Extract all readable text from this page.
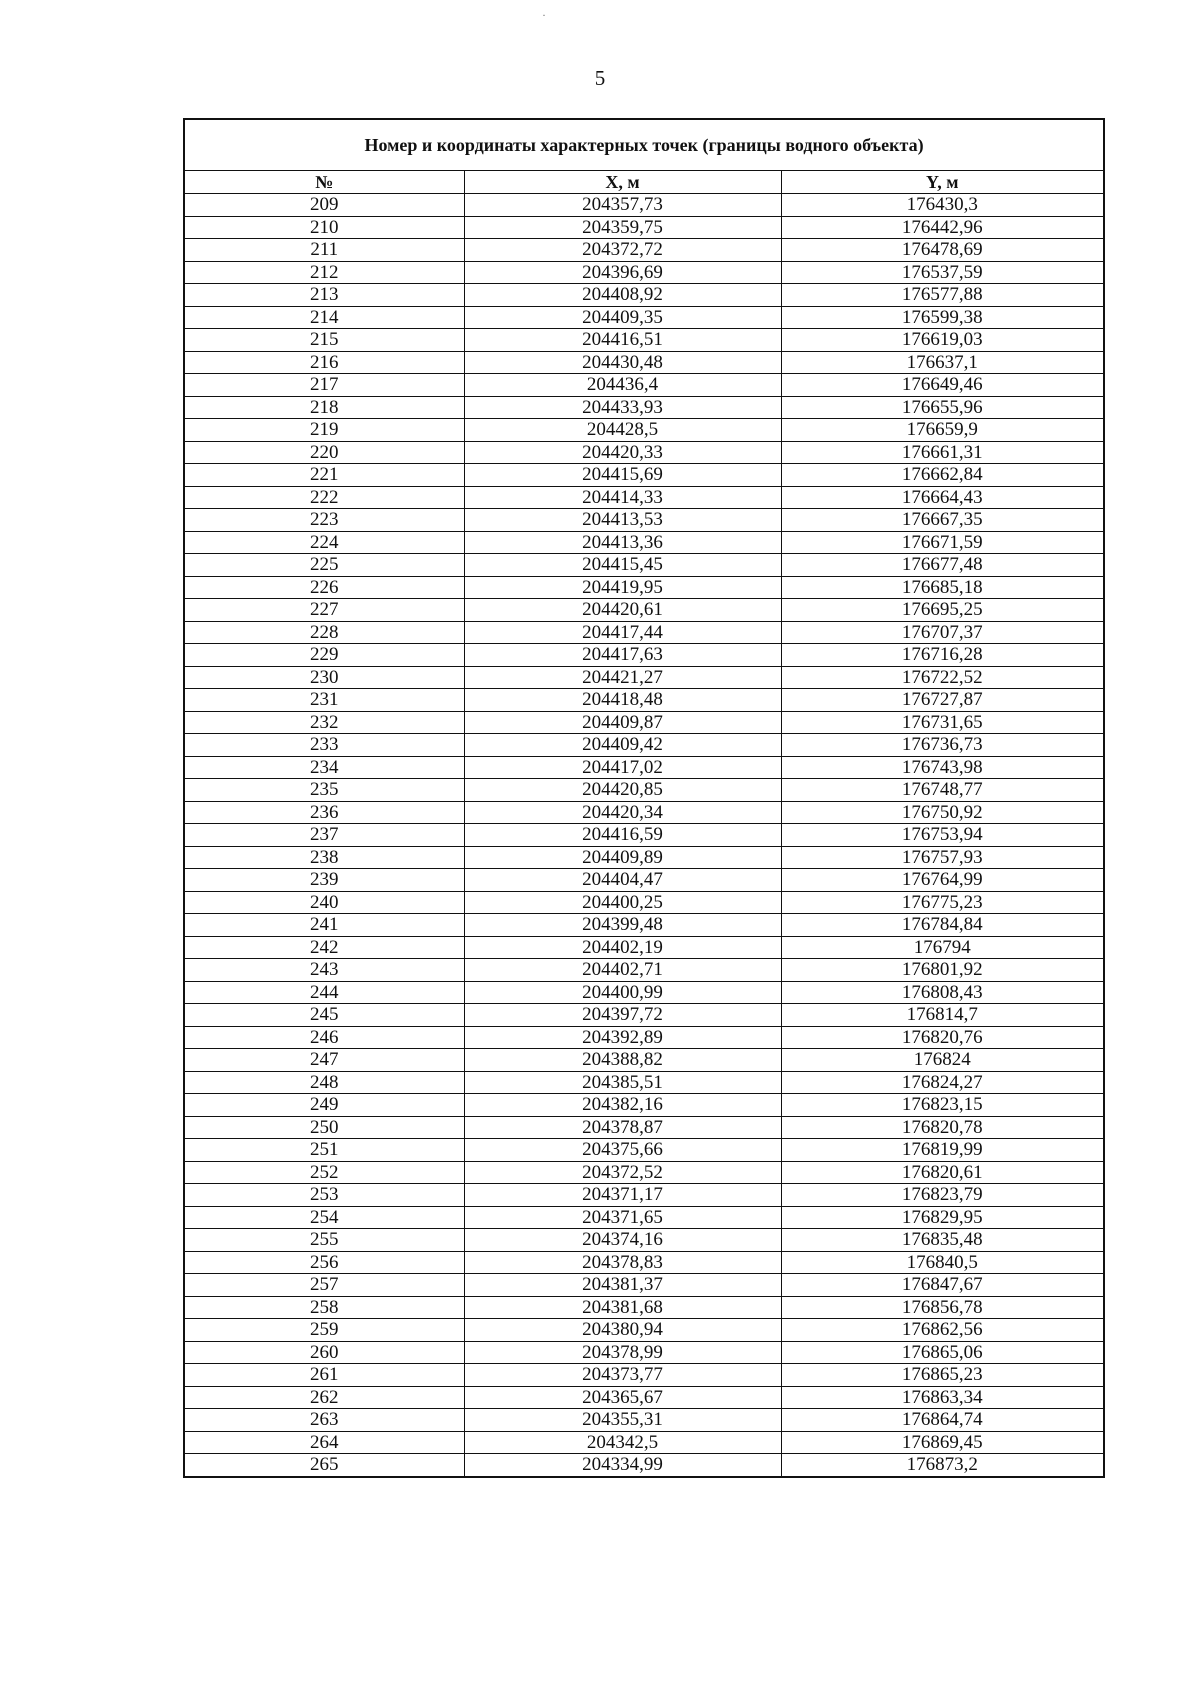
5
·
Номер и координаты характерных точек (границы водного объекта)		
№	X, м	Y, м
209	204357,73	176430,3
210	204359,75	176442,96
211	204372,72	176478,69
212	204396,69	176537,59
213	204408,92	176577,88
214	204409,35	176599,38
215	204416,51	176619,03
216	204430,48	176637,1
217	204436,4	176649,46
218	204433,93	176655,96
219	204428,5	176659,9
220	204420,33	176661,31
221	204415,69	176662,84
222	204414,33	176664,43
223	204413,53	176667,35
224	204413,36	176671,59
225	204415,45	176677,48
226	204419,95	176685,18
227	204420,61	176695,25
228	204417,44	176707,37
229	204417,63	176716,28
230	204421,27	176722,52
231	204418,48	176727,87
232	204409,87	176731,65
233	204409,42	176736,73
234	204417,02	176743,98
235	204420,85	176748,77
236	204420,34	176750,92
237	204416,59	176753,94
238	204409,89	176757,93
239	204404,47	176764,99
240	204400,25	176775,23
241	204399,48	176784,84
242	204402,19	176794
243	204402,71	176801,92
244	204400,99	176808,43
245	204397,72	176814,7
246	204392,89	176820,76
247	204388,82	176824
248	204385,51	176824,27
249	204382,16	176823,15
250	204378,87	176820,78
251	204375,66	176819,99
252	204372,52	176820,61
253	204371,17	176823,79
254	204371,65	176829,95
255	204374,16	176835,48
256	204378,83	176840,5
257	204381,37	176847,67
258	204381,68	176856,78
259	204380,94	176862,56
260	204378,99	176865,06
261	204373,77	176865,23
262	204365,67	176863,34
263	204355,31	176864,74
264	204342,5	176869,45
265	204334,99	176873,2
